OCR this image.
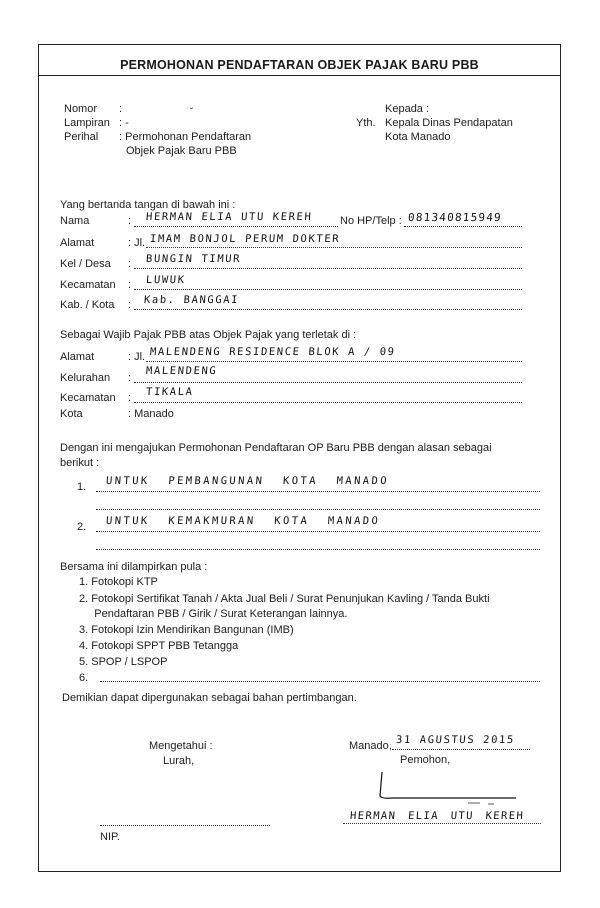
PERMOHONAN PENDAFTARAN OBJEK PAJAK BARU PBB
Nomor :	˘
Lampiran : -
Perihal : Permohonan Pendaftaran
Objek Pajak Baru PBB
Kepada :
Yth. Kepala Dinas Pendapatan
Kota Manado
Yang bertanda tangan di bawah ini :
Nama	: HERMAN ELIA UTU KEREH No HP/Telp : 081340815949
Alamat	: Jl. IMAM BONJOL PERUM DOKTER
Kel / Desa : BUNGIN TIMUR
Kecamatan : LUWUK
Kab. / Kota : Kab. BANGGAI
Sebagai Wajib Pajak PBB atas Objek Pajak yang terletak di :
Alamat	: Jl. MALENDENG RESIDENCE BLOK A / 09
Kelurahan :
MALENDENG
Kecamatan : TIKALA
Kota	: Manado
Dengan ini mengajukan Permohonan Pendaftaran OP Baru PBB dengan alasan sebagai
berikut :
1. UNTUK PEMBANGUNAN KOTA MANADO
2. UNTUK KEMAKMURAN KOTA MANADO
Bersama ini dilampirkan pula :
1. Fotokopi KTP
2. Fotokopi Sertifikat Tanah / Akta Jual Beli / Surat Penunjukan Kavling / Tanda Bukti
Pendaftaran PBB / Girik / Surat Keterangan lainnya.
3. Fotokopi Izin Mendirikan Bangunan (IMB)
4. Fotokopi SPPT PBB Tetangga
5. SPOP / LSPOP
6.
Demikian dapat dipergunakan sebagai bahan pertimbangan.
Mengetahui :
Lurah,
NIP.
Manado, 31 AGUSTUS 2015
Pemohon,
HERMAN ELIA UTU KEREH
